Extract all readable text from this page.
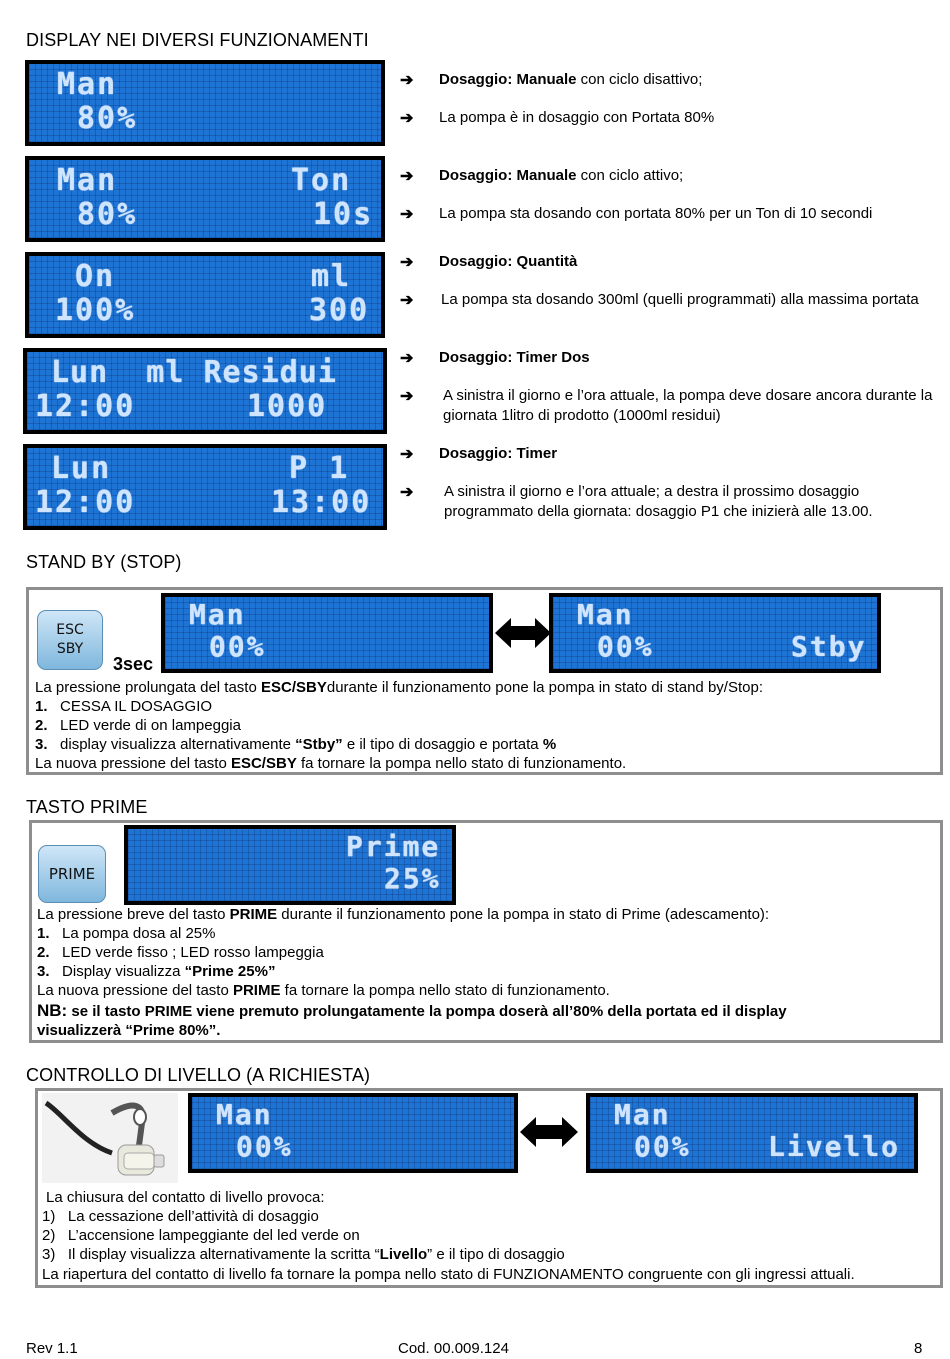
DISPLAY NEI DIVERSI FUNZIONAMENTI
Man
80%
Man	Ton
80%	10s
On	ml
100%	300
Lun  ml Residui
12:00	1000
Lun	P 1
12:00	13:00
➔ Dosaggio: Manuale con ciclo disattivo;
➔ La pompa è in dosaggio con Portata 80%
➔ Dosaggio: Manuale con ciclo attivo;
➔ La pompa sta dosando con portata 80% per un Ton di 10 secondi
➔ Dosaggio: Quantità
➔ La pompa sta dosando 300ml (quelli programmati) alla massima portata
➔ Dosaggio: Timer Dos
➔ A sinistra il giorno e l’ora attuale, la pompa deve dosare ancora durante la giornata 1litro di prodotto (1000ml residui)
➔ Dosaggio: Timer
➔ A sinistra il giorno e l’ora attuale; a destra il prossimo dosaggio programmato della giornata: dosaggio P1 che inizierà alle 13.00.
STAND BY (STOP)
ESC
SBY
3sec
Man
00%
Man
00%	Stby
La pressione prolungata del tasto ESC/SBYdurante il funzionamento pone la pompa in stato di stand by/Stop:
1. CESSA IL DOSAGGIO
2. LED verde di on lampeggia
3. display visualizza alternativamente “Stby” e il tipo di dosaggio e portata %
La nuova pressione del tasto ESC/SBY fa tornare la pompa nello stato di funzionamento.
TASTO PRIME
PRIME
Prime
25%
La pressione breve del tasto PRIME durante il funzionamento pone la pompa in stato di Prime (adescamento):
1. La pompa dosa al 25%
2. LED verde fisso ; LED rosso lampeggia
3. Display visualizza “Prime 25%”
La nuova pressione del tasto PRIME fa tornare la pompa nello stato di funzionamento.
NB: se il tasto PRIME viene premuto prolungatamente la pompa doserà all’80% della portata ed il display
visualizzerà “Prime 80%”.
CONTROLLO DI LIVELLO (A RICHIESTA)
Man
00%
Man
00%	Livello
La chiusura del contatto di livello provoca:
1) La cessazione dell’attività di dosaggio
2) L’accensione lampeggiante del led verde on
3) Il display visualizza alternativamente la scritta “Livello” e il tipo di dosaggio
La riapertura del contatto di livello fa tornare la pompa nello stato di FUNZIONAMENTO congruente con gli ingressi attuali.
Rev 1.1	Cod. 00.009.124	8
